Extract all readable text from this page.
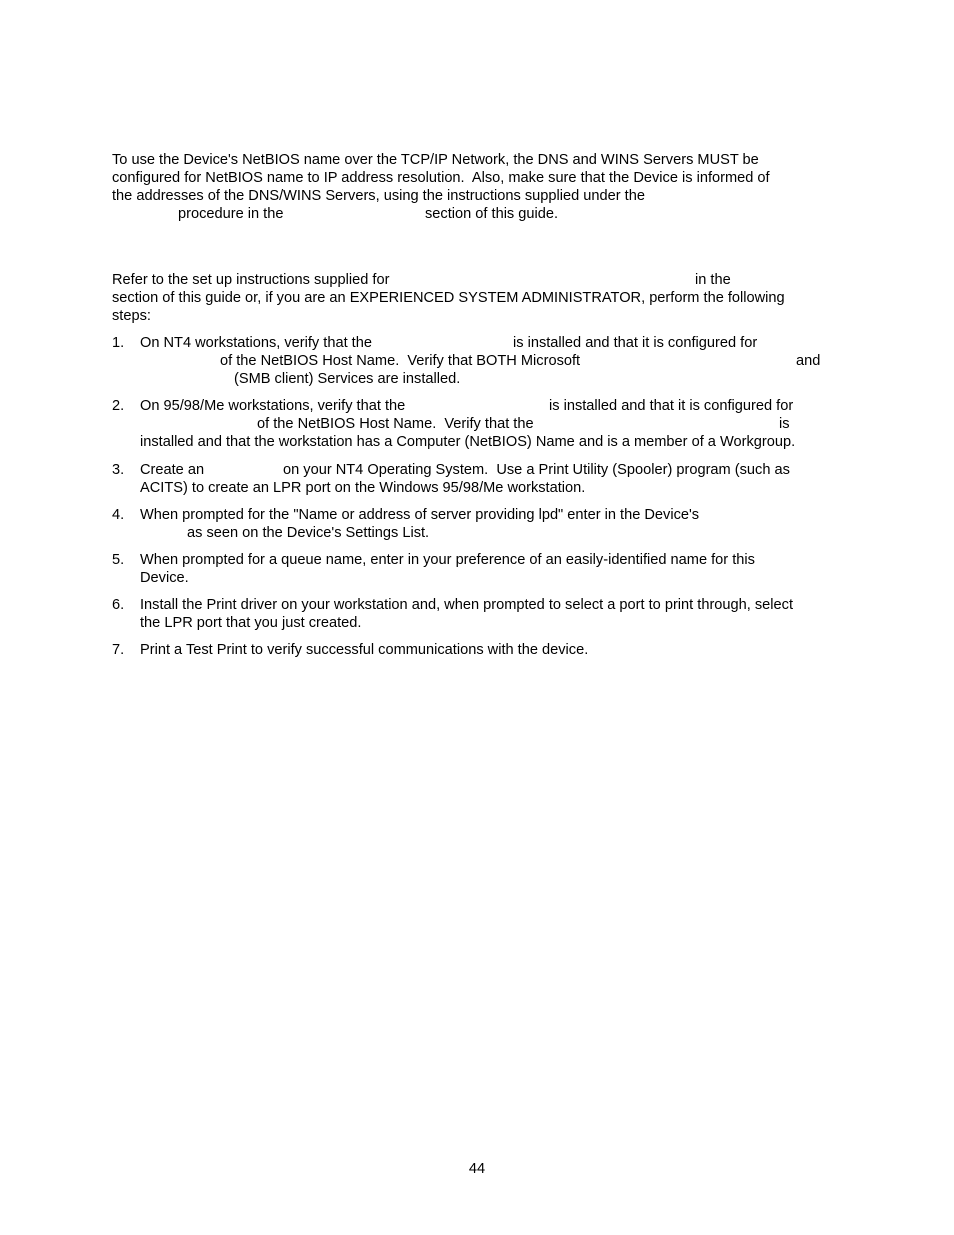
To use the Device's NetBIOS name over the TCP/IP Network, the DNS and WINS Servers MUST be
configured for NetBIOS name to IP address resolution.  Also, make sure that the Device is informed of
the addresses of the DNS/WINS Servers, using the instructions supplied under the
procedure in the	section of this guide.
Refer to the set up instructions supplied for	in the
section of this guide or, if you are an EXPERIENCED SYSTEM ADMINISTRATOR, perform the following
steps:
1. On NT4 workstations, verify that the	is installed and that it is configured for
of the NetBIOS Host Name.  Verify that BOTH Microsoft	and
(SMB client) Services are installed.
2. On 95/98/Me workstations, verify that the	is installed and that it is configured for
of the NetBIOS Host Name.  Verify that the	is
installed and that the workstation has a Computer (NetBIOS) Name and is a member of a Workgroup.
3. Create an	on your NT4 Operating System.  Use a Print Utility (Spooler) program (such as
ACITS) to create an LPR port on the Windows 95/98/Me workstation.
4. When prompted for the "Name or address of server providing lpd" enter in the Device's
as seen on the Device's Settings List.
5. When prompted for a queue name, enter in your preference of an easily-identified name for this
Device.
6. Install the Print driver on your workstation and, when prompted to select a port to print through, select
the LPR port that you just created.
7. Print a Test Print to verify successful communications with the device.
44
